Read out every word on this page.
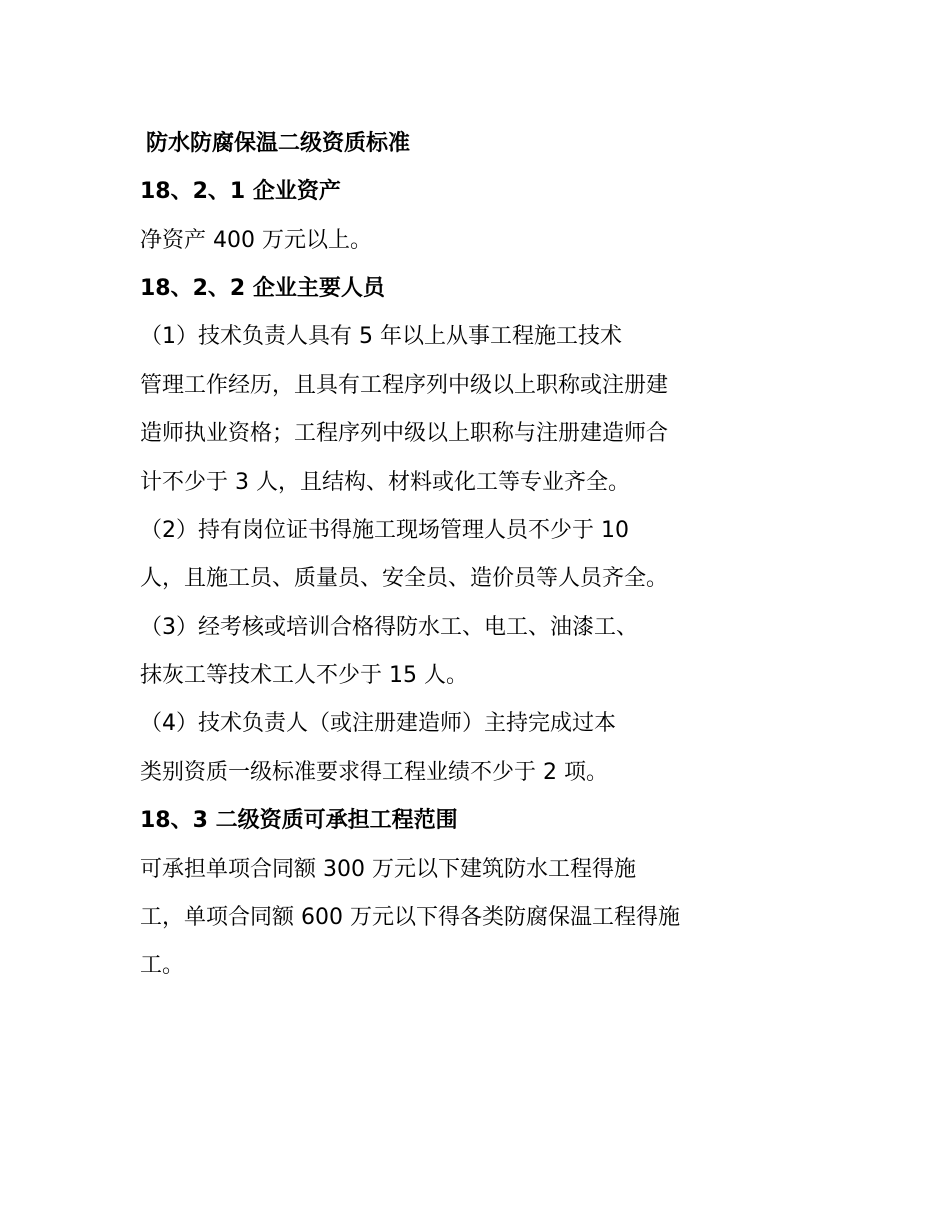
防水防腐保温二级资质标准
18、2、1 企业资产
净资产 400 万元以上。
18、2、2 企业主要人员
（1）技术负责人具有 5 年以上从事工程施工技术
管理工作经历，且具有工程序列中级以上职称或注册建
造师执业资格；工程序列中级以上职称与注册建造师合
计不少于 3 人，且结构、材料或化工等专业齐全。
（2）持有岗位证书得施工现场管理人员不少于 10
人，且施工员、质量员、安全员、造价员等人员齐全。
（3）经考核或培训合格得防水工、电工、油漆工、
抹灰工等技术工人不少于 15 人。
（4）技术负责人（或注册建造师）主持完成过本
类别资质一级标准要求得工程业绩不少于 2 项。
18、3 二级资质可承担工程范围
可承担单项合同额 300 万元以下建筑防水工程得施
工，单项合同额 600 万元以下得各类防腐保温工程得施
工。
